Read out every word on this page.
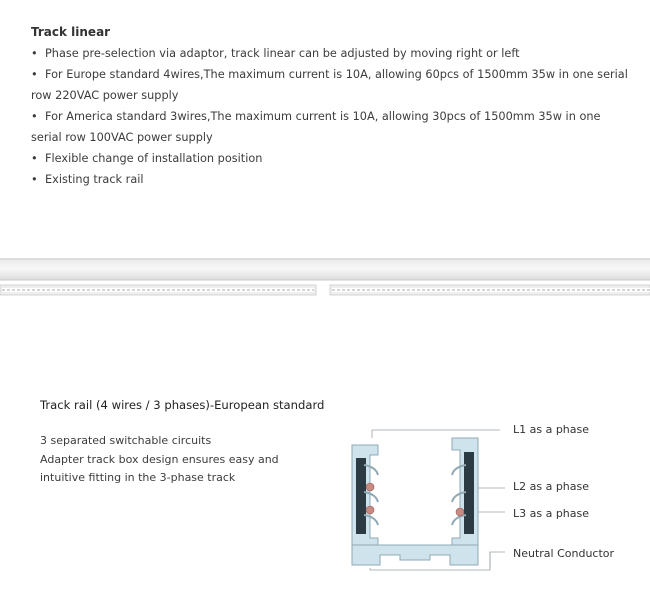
Track linear
•Phase pre-selection via adaptor, track linear can be adjusted by moving right or left
•For Europe standard 4wires,The maximum current is 10A, allowing 60pcs of 1500mm 35w in one serial row 220VAC power supply
•For America standard 3wires,The maximum current is 10A, allowing 30pcs of 1500mm 35w in one serial row 100VAC power supply
•Flexible change of installation position
•Existing track rail
Track rail (4 wires / 3 phases)-European standard
3 separated switchable circuits
Adapter track box design ensures easy and
intuitive fitting in the 3-phase track
L1 as a phase
L2 as a phase
L3 as a phase
Neutral Conductor
